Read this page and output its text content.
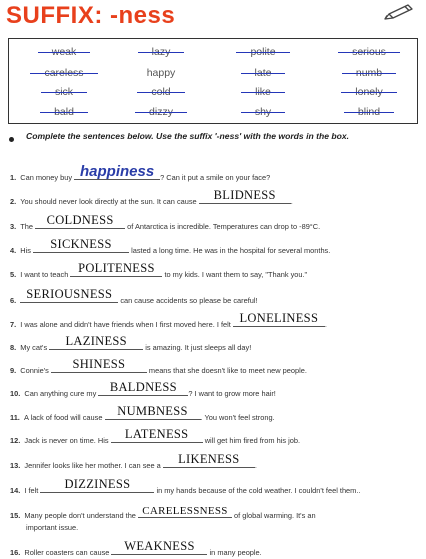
SUFFIX: -ness
weak	lazy	polite	serious
careless	happy	late	numb
sick	cold	like	lonely
bald	dizzy	shy	blind
Complete the sentences below. Use the suffix '-ness' with the words in the box.
1. Can money buy happiness ? Can it put a smile on your face?
2. You should never look directly at the sun. It can cause	BLIDNESS	.
3. The COLDNESS	of Antarctica is incredible. Temperatures can drop to -89°C.
4. His	SICKNESS	lasted a long time. He was in the hospital for several months.
5. I want to teach POLITENESS	to my kids. I want them to say, "Thank you."
6. SERIOUSNESS can cause accidents so please be careful!
7. I was alone and didn't have friends when I first moved here. I felt LONELINESS .
8. My cat's	LAZINESS	is amazing. It just sleeps all day!
9. Connie's	SHINESS	means that she doesn't like to meet new people.
10. Can anything cure my BALDNESS	? I want to grow more hair!
11. A lack of food will cause	NUMBNESS	. You won't feel strong.
12. Jack is never on time. His	LATENESS	will get him fired from his job.
13. Jennifer looks like her mother. I can see a	LIKENESS	.
14. I felt	DIZZINESS	in my hands because of the cold weather. I couldn't feel them..
15. Many people don't understand the CARELESSNESS of global warming. It's an
important issue.
16. Roller coasters can cause	WEAKNESS	in many people.
